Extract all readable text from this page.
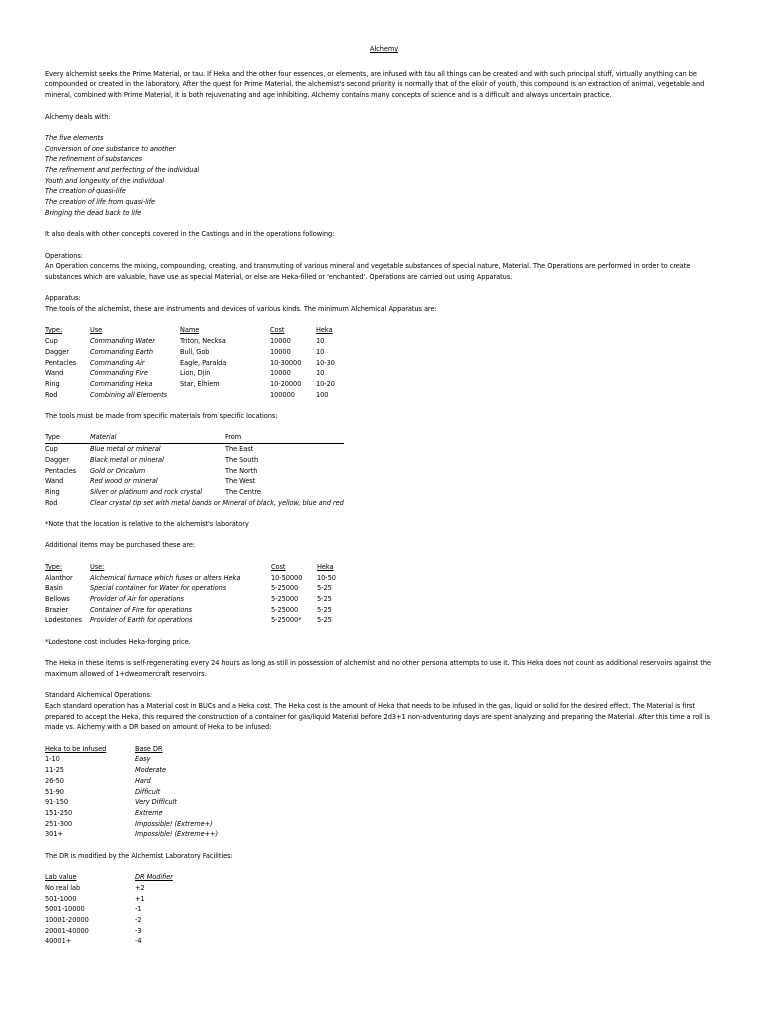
Alchemy

Every alchemist seeks the Prime Material, or tau. If Heka and the other four essences, or elements, are infused with tau all things can be created and with such principal stuff, virtually anything can be compounded or created in the laboratory. After the quest for Prime Material, the alchemist's second priority is normally that of the elixir of youth, this compound is an extraction of animal, vegetable and mineral, combined with Prime Material, it is both rejuvenating and age inhibiting. Alchemy contains many concepts of science and is a difficult and always uncertain practice.

Alchemy deals with:

The five elements

Conversion of one substance to another

The refinement of substances

The refinement and perfecting of the individual

Youth and longevity of the individual

The creation of quasi-life

The creation of life from quasi-life

Bringing the dead back to life

It also deals with other concepts covered in the Castings and in the operations following:

Operations:

An Operation concerns the mixing, compounding, creating, and transmuting of various mineral and vegetable substances of special nature, Material. The Operations are performed in order to create substances which are valuable, have use as special Material, or else are Heka-filled or 'enchanted'. Operations are carried out using Apparatus.

Apparatus:

The tools of the alchemist, these are instruments and devices of various kinds. The minimum Alchemical Apparatus are:

Type:	Use	Name	Cost	Heka
Cup	Commanding Water	Triton, Necksa	10000	10
Dagger	Commanding Earth	Bull, Gob	10000	10
Pentacles	Commanding Air	Eagle, Paralda	10-30000	10-30
Wand	Commanding Fire	Lion, Djin	10000	10
Ring	Commanding Heka	Star, Elhiem	10-20000	10-20
Rod	Combining all Elements		100000	100

The tools must be made from specific materials from specific locations:

Type	Material	From
Cup	Blue metal or mineral	The East
Dagger	Black metal or mineral	The South
Pentacles	Gold or Oricalum	The North
Wand	Red wood or mineral	The West
Ring	Silver or platinum and rock crystal	The Centre
Rod	Clear crystal tip set with metal bands or Mineral of black, yellow, blue and red	

*Note that the location is relative to the alchemist's laboratory

Additional items may be purchased these are:

Type:	Use:	Cost	Heka
Alanthor	Alchemical furnace which fuses or alters Heka	10-50000	10-50
Basin	Special container for Water for operations	5-25000	5-25
Bellows	Provider of Air for operations	5-25000	5-25
Brazier	Container of Fire for operations	5-25000	5-25
Lodestones	Provider of Earth for operations	5-25000*	5-25

*Lodestone cost includes Heka-forging price.

The Heka in these items is self-regenerating every 24 hours as long as still in possession of alchemist and no other persona attempts to use it. This Heka does not count as additional reservoirs against the maximum allowed of 1+dweomercraft reservoirs.

Standard Alchemical Operations:

Each standard operation has a Material cost in BUCs and a Heka cost. The Heka cost is the amount of Heka that needs to be infused in the gas, liquid or solid for the desired effect. The Material is first prepared to accept the Heka, this required the construction of a container for gas/liquid Material before 2d3+1 non-adventuring days are spent analyzing and preparing the Material. After this time a roll is made vs. Alchemy with a DR based on amount of Heka to be infused:

Heka to be Infused	Base DR
1-10	Easy
11-25	Moderate
26-50	Hard
51-90	Difficult
91-150	Very Difficult
151-250	Extreme
251-300	Impossible! (Extreme+)
301+	Impossible! (Extreme++)

The DR is modified by the Alchemist Laboratory Facilities:

Lab value	DR Modifier
No real lab	+2
501-1000	+1
5001-10000	-1
10001-20000	-2
20001-40000	-3
40001+	-4
